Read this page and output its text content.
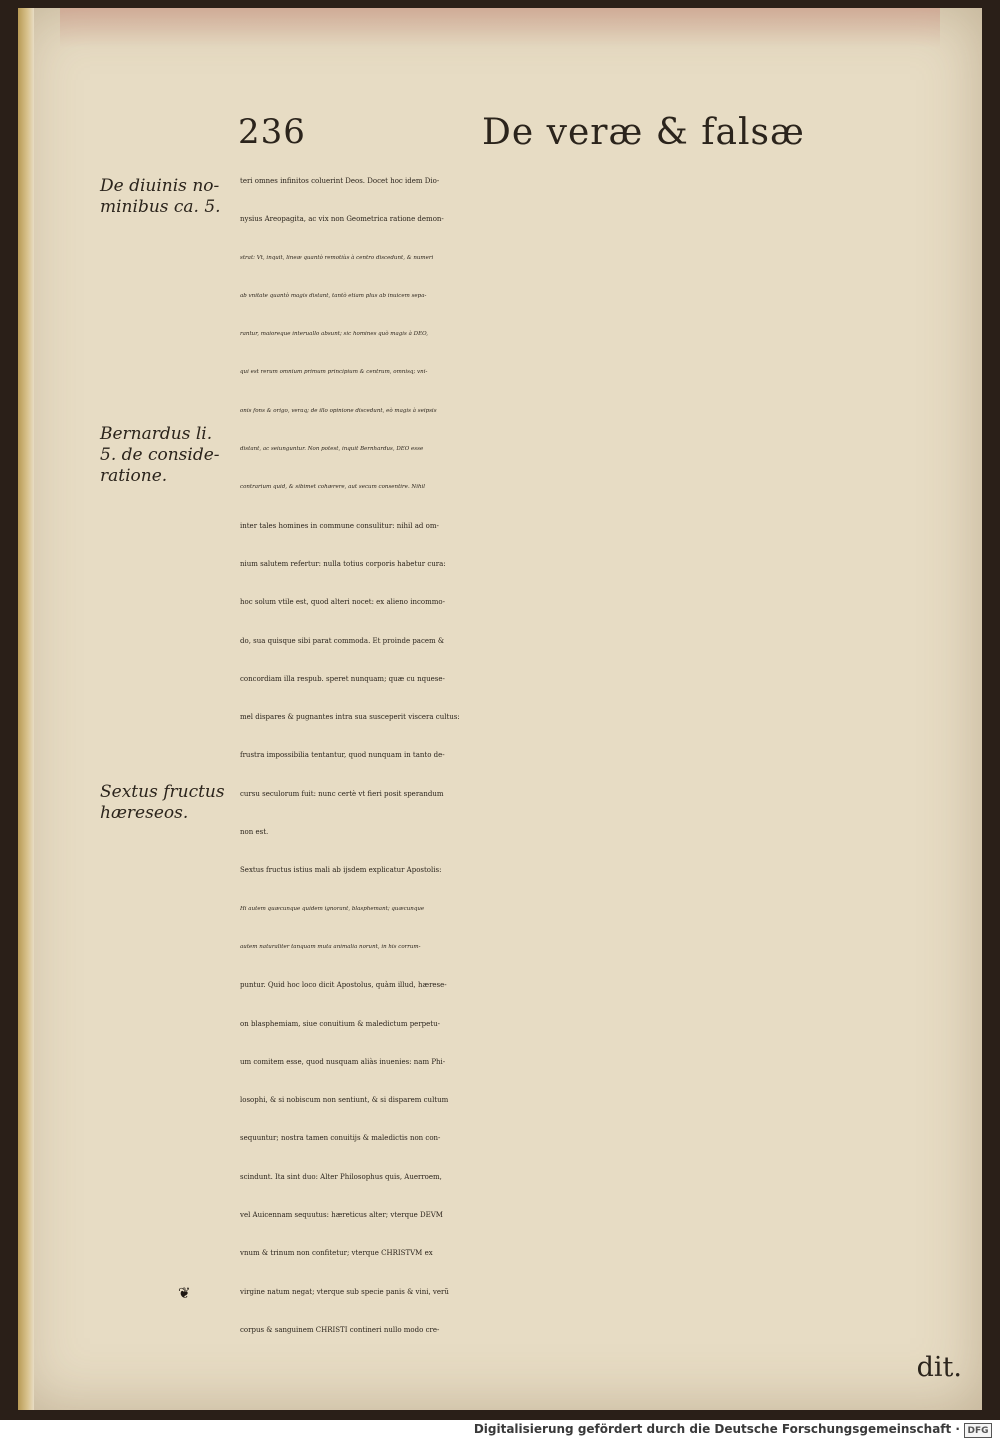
236	De veræ & falsæ
De diuinis no-
minibus ca. 5.
Bernardus li.
5. de conside-
ratione.
Sextus fructus
hæreseos.
teri omnes infinitos coluerint Deos. Docet hoc idem Dio-
nysius Areopagita, ac vix non Geometrica ratione demon-
strat: Vt, inquit, lineæ quantò remotiùs à centro discedunt, & numeri
ab vnitate quantò magis distant, tantò etiam plus ab inuicem sepa-
rantur, maioreque interuallo absunt; sic homines quò magis à DEO,
qui est rerum omnium primum principium & centrum, omnisq; vni-
onis fons & origo, veraq; de illo opinione discedunt, eò magis à seipsis
distant, ac seiunguntur. Non potest, inquit Bernhardus, DEO esse
contrarium quid, & sibimet cohærere, aut secum consentire. Nihil
inter tales homines in commune consulitur: nihil ad om-
nium salutem refertur: nulla totius corporis habetur cura:
hoc solum vtile est, quod alteri nocet: ex alieno incommo-
do, sua quisque sibi parat commoda. Et proinde pacem &
concordiam illa respub. speret nunquam; quæ cu nquese-
mel dispares & pugnantes intra sua susceperit viscera cultus:
frustra impossibilia tentantur, quod nunquam in tanto de-
cursu seculorum fuit: nunc certè vt fieri posit sperandum
non est.
Sextus fructus istius mali ab ijsdem explicatur Apostolis:
Hi autem quæcunque quidem ignorant, blasphemant; quæcunque
autem naturaliter tanquam muta animalia norunt, in his corrum-
puntur. Quid hoc loco dicit Apostolus, quàm illud, hærese-
on blasphemiam, siue conuitium & maledictum perpetu-
um comitem esse, quod nusquam aliàs inuenies: nam Phi-
losophi, & si nobiscum non sentiunt, & si disparem cultum
sequuntur; nostra tamen conuitijs & maledictis non con-
scindunt. Ita sint duo: Alter Philosophus quis, Auerroem,
vel Auicennam sequutus: hæreticus alter; vterque DEVM
vnum & trinum non confitetur; vterque CHRISTVM ex
virgine natum negat; vterque sub specie panis & vini, verũ
corpus & sanguinem CHRISTI contineri nullo modo cre-
dit.
❦
Digitalisierung gefördert durch die Deutsche Forschungsgemeinschaft · DFG
